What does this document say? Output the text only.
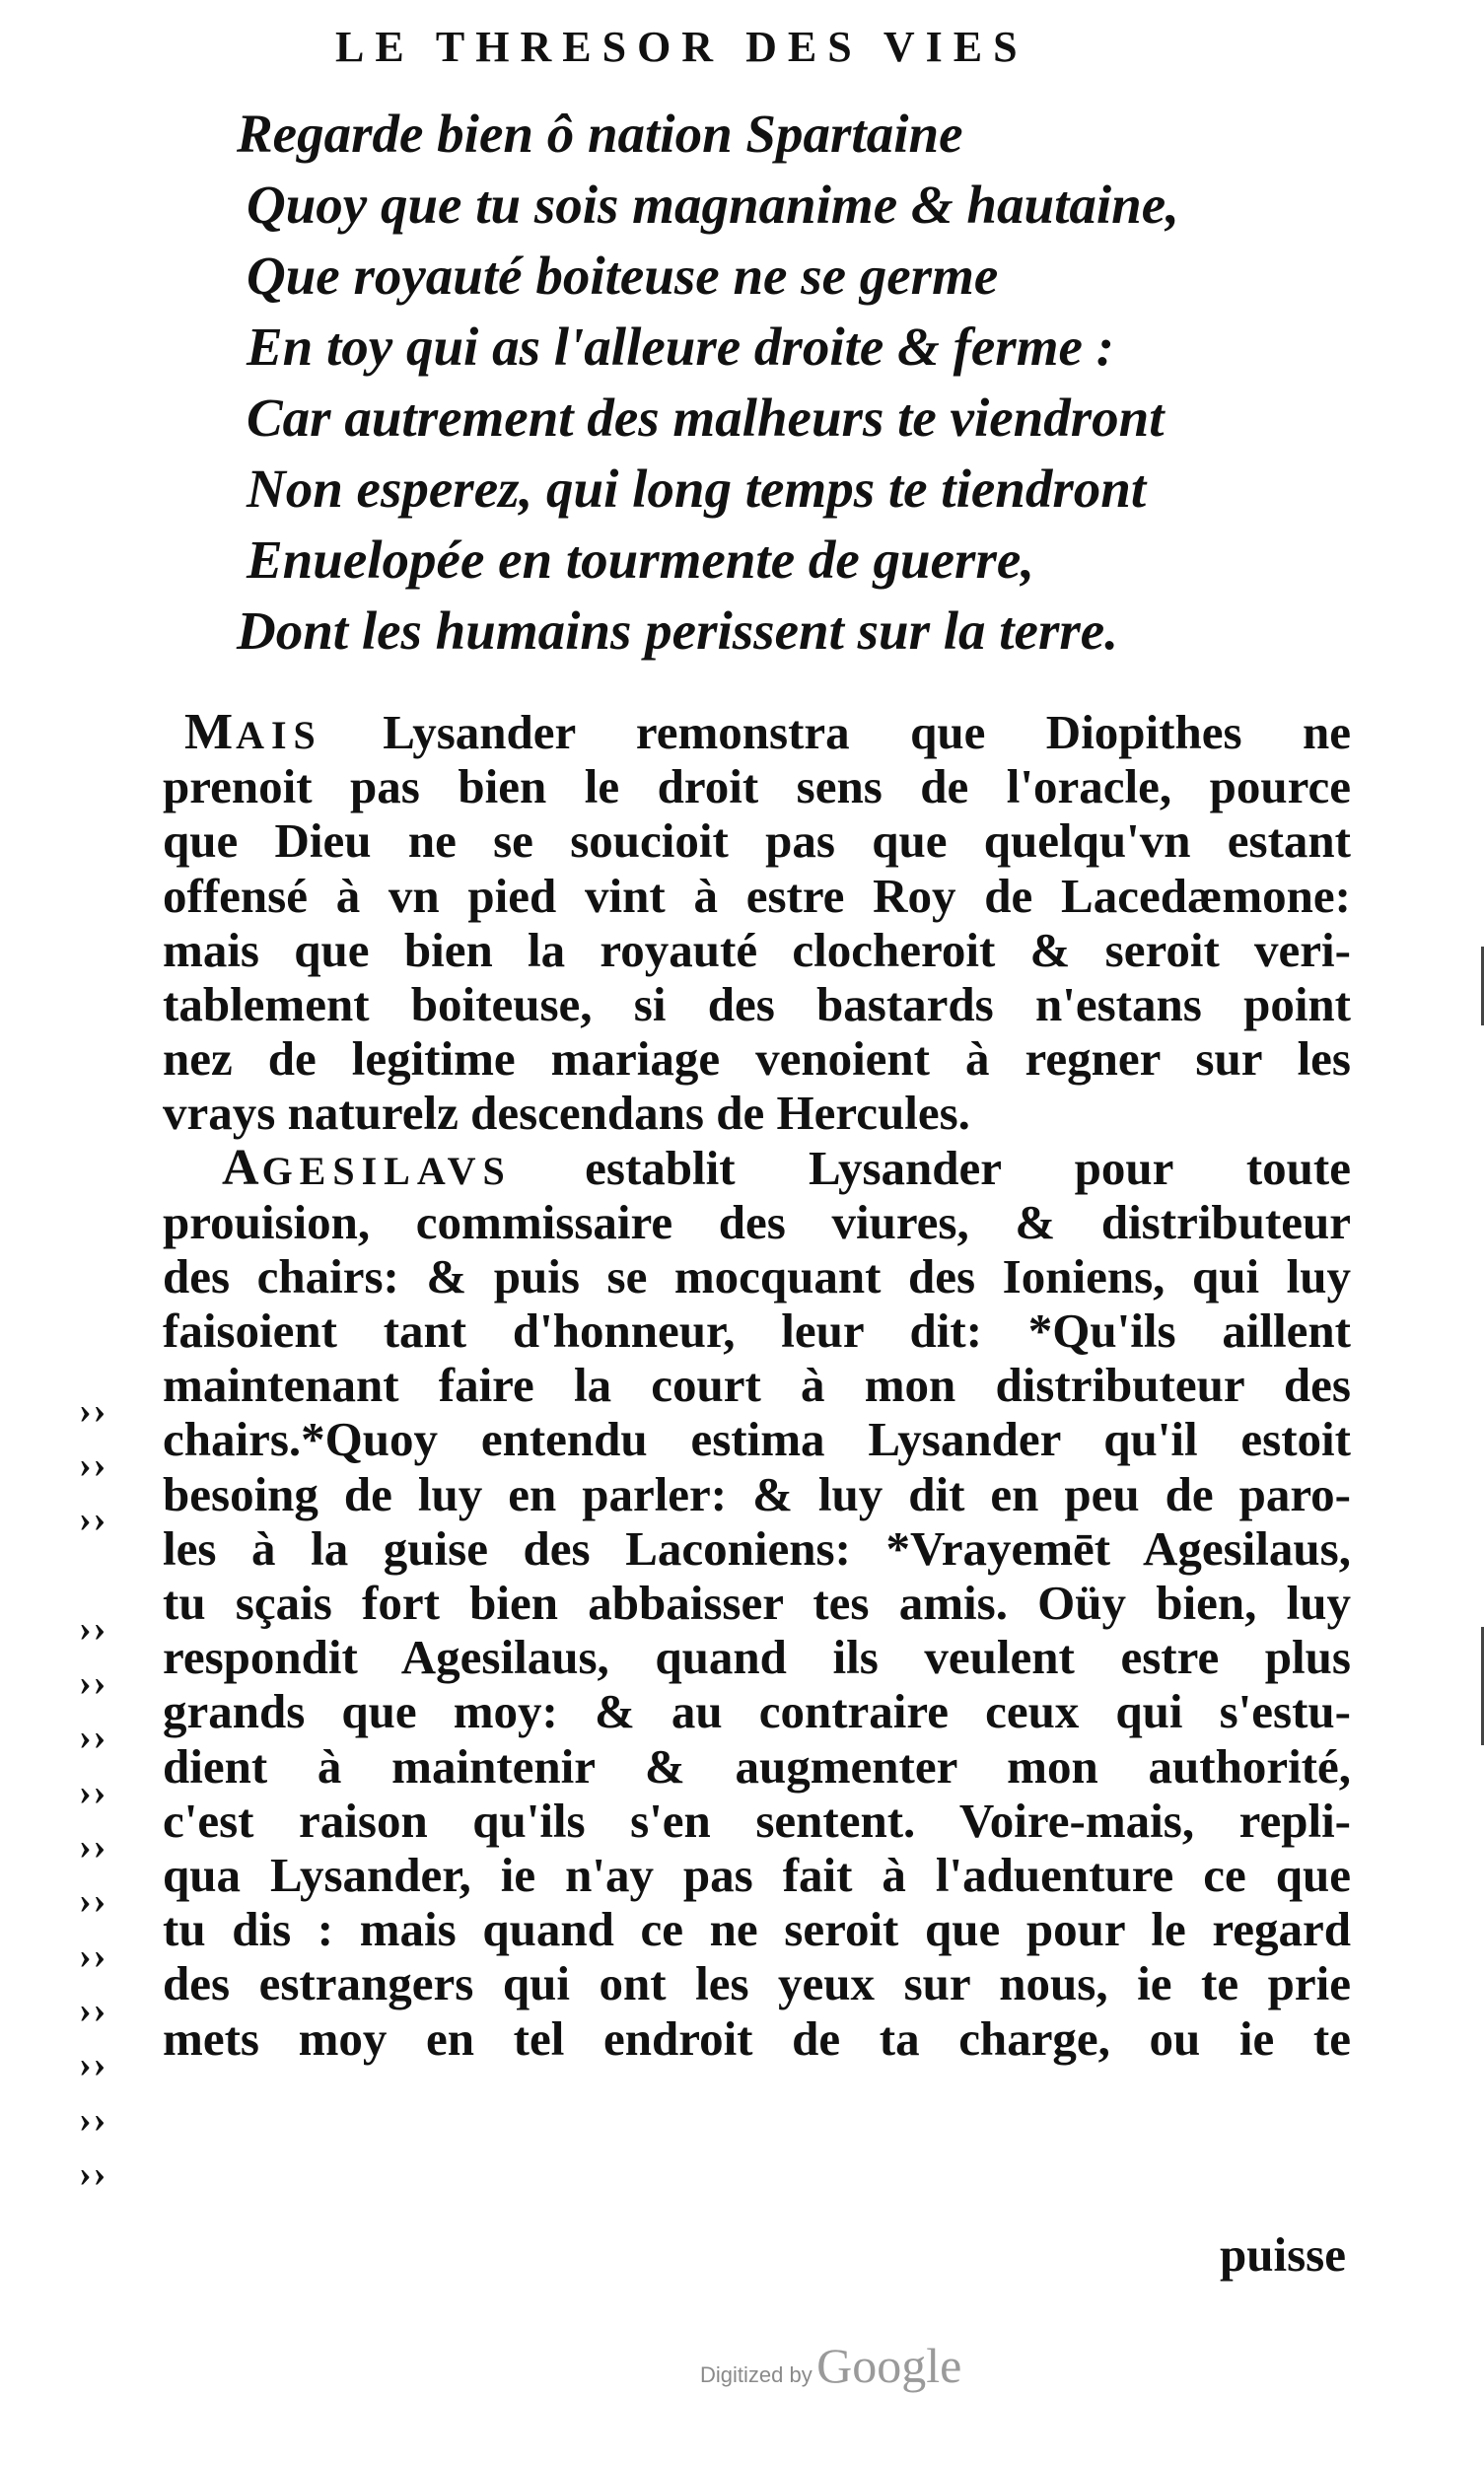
LE THRESOR DES VIES
Regarde bien ô nation Spartaine
Quoy que tu sois magnanime & hautaine,
Que royauté boiteuse ne se germe
En toy qui as l'alleure droite & ferme :
Car autrement des malheurs te viendront
Non esperez, qui long temps te tiendront
Enuelopée en tourmente de guerre,
Dont les humains perissent sur la terre.
MAIS Lysander remonstra que Diopithes ne
prenoit pas bien le droit sens de l'oracle, pource
que Dieu ne se soucioit pas que quelqu'vn estant
offensé à vn pied vint à estre Roy de Lacedæmone:
mais que bien la royauté clocheroit & seroit veri-
tablement boiteuse, si des bastards n'estans point
nez de legitime mariage venoient à regner sur les
vrays naturelz descendans de Hercules.
AGESILAVS establit Lysander pour toute
prouision, commissaire des viures, & distributeur
des chairs: & puis se mocquant des Ioniens, qui luy
faisoient tant d'honneur, leur dit: *Qu'ils aillent
maintenant faire la court à mon distributeur des
chairs.*Quoy entendu estima Lysander qu'il estoit
besoing de luy en parler: & luy dit en peu de paro-
les à la guise des Laconiens: *Vrayemēt Agesilaus,
tu sçais fort bien abbaisser tes amis. Oüy bien, luy
respondit Agesilaus, quand ils veulent estre plus
grands que moy: & au contraire ceux qui s'estu-
dient à maintenir & augmenter mon authorité,
c'est raison qu'ils s'en sentent. Voire-mais, repli-
qua Lysander, ie n'ay pas fait à l'aduenture ce que
tu dis : mais quand ce ne seroit que pour le regard
des estrangers qui ont les yeux sur nous, ie te prie
mets moy en tel endroit de ta charge, ou ie te
››
››
››
››
››
››
››
››
››
››
››
››
››
››
puisse
Digitized by Google
